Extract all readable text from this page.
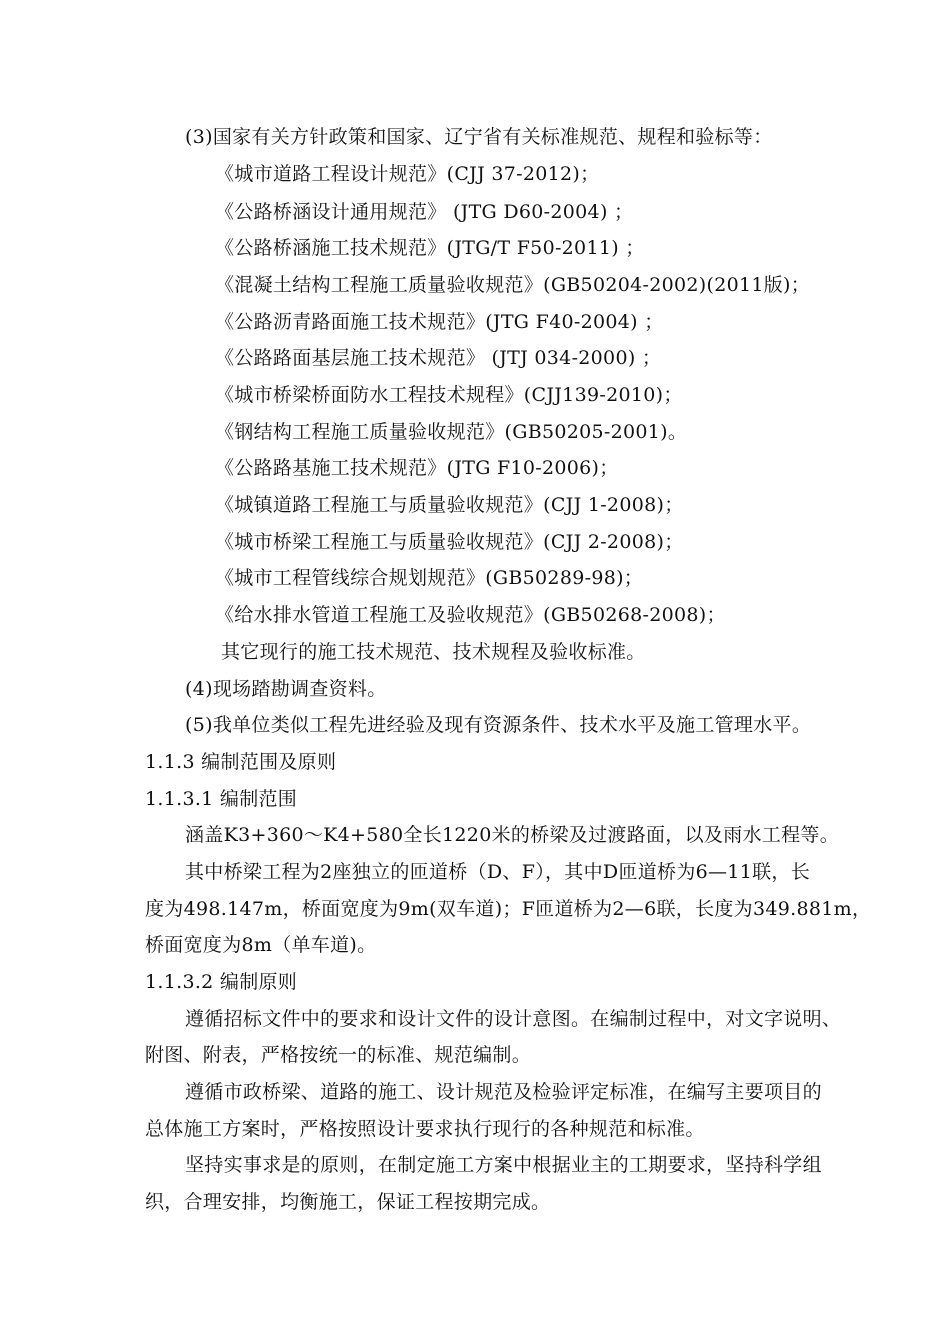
(3)国家有关方针政策和国家、辽宁省有关标准规范、规程和验标等：
《城市道路工程设计规范》(CJJ 37-2012)；
《公路桥涵设计通用规范》 (JTG D60-2004) ；
《公路桥涵施工技术规范》(JTG/T F50-2011) ；
《混凝土结构工程施工质量验收规范》(GB50204-2002)(2011版)；
《公路沥青路面施工技术规范》(JTG F40-2004) ；
《公路路面基层施工技术规范》 (JTJ 034-2000) ；
《城市桥梁桥面防水工程技术规程》(CJJ139-2010)；
《钢结构工程施工质量验收规范》(GB50205-2001)。
《公路路基施工技术规范》(JTG F10-2006)；
《城镇道路工程施工与质量验收规范》(CJJ 1-2008)；
《城市桥梁工程施工与质量验收规范》(CJJ 2-2008)；
《城市工程管线综合规划规范》(GB50289-98)；
《给水排水管道工程施工及验收规范》(GB50268-2008)；
其它现行的施工技术规范、技术规程及验收标准。
(4)现场踏勘调查资料。
(5)我单位类似工程先进经验及现有资源条件、技术水平及施工管理水平。
1.1.3 编制范围及原则
1.1.3.1 编制范围
涵盖K3+360～K4+580全长1220米的桥梁及过渡路面，以及雨水工程等。
其中桥梁工程为2座独立的匝道桥（D、F），其中D匝道桥为6—11联，长
度为498.147m，桥面宽度为9m(双车道)；F匝道桥为2—6联，长度为349.881m，
桥面宽度为8m（单车道)。
1.1.3.2 编制原则
遵循招标文件中的要求和设计文件的设计意图。在编制过程中，对文字说明、
附图、附表，严格按统一的标准、规范编制。
遵循市政桥梁、道路的施工、设计规范及检验评定标准，在编写主要项目的
总体施工方案时，严格按照设计要求执行现行的各种规范和标准。
坚持实事求是的原则，在制定施工方案中根据业主的工期要求，坚持科学组
织，合理安排，均衡施工，保证工程按期完成。
